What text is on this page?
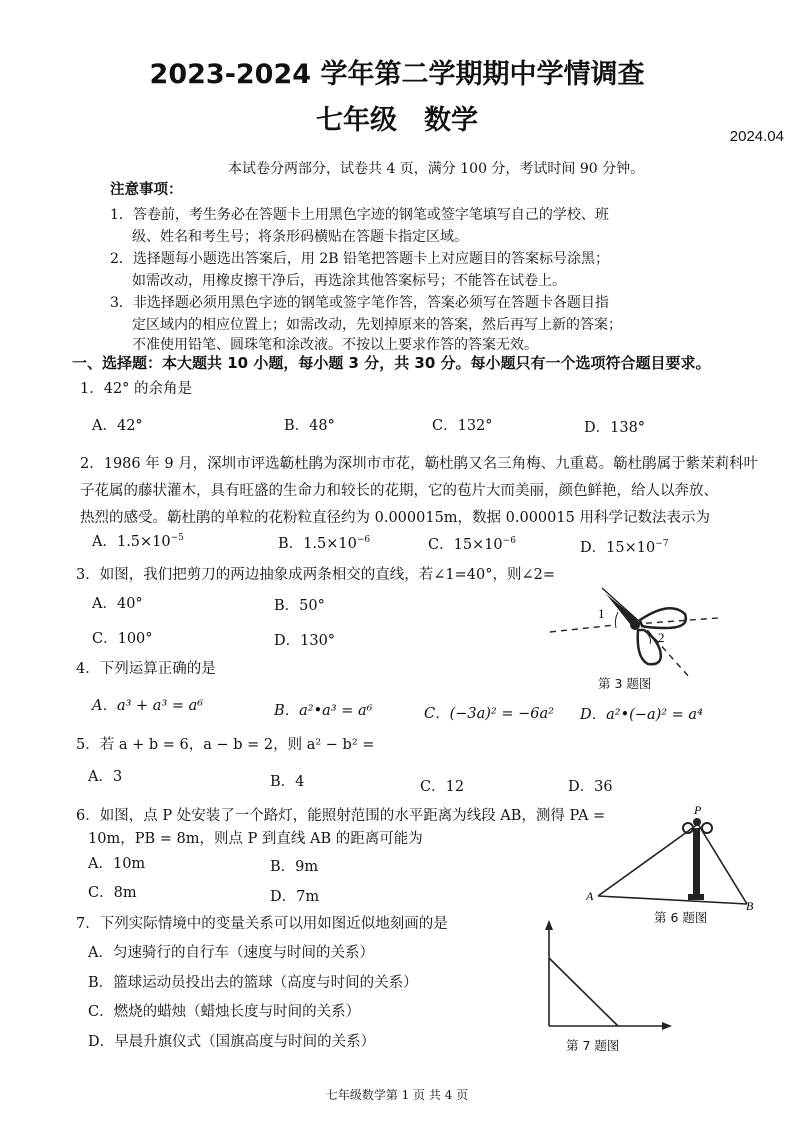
2023-2024 学年第二学期期中学情调查
七年级　数学
2024.04
本试卷分两部分，试卷共 4 页，满分 100 分，考试时间 90 分钟。
注意事项：
1．答卷前，考生务必在答题卡上用黑色字迹的钢笔或签字笔填写自己的学校、班
级、姓名和考生号；将条形码横贴在答题卡指定区域。
2．选择题每小题选出答案后，用 2B 铅笔把答题卡上对应题目的答案标号涂黑；
如需改动，用橡皮擦干净后，再选涂其他答案标号；不能答在试卷上。
3．非选择题必须用黑色字迹的钢笔或签字笔作答，答案必须写在答题卡各题目指
定区域内的相应位置上；如需改动，先划掉原来的答案，然后再写上新的答案；
不准使用铅笔、圆珠笔和涂改液。不按以上要求作答的答案无效。
一、选择题：本大题共 10 小题，每小题 3 分，共 30 分。每小题只有一个选项符合题目要求。
1．42° 的余角是
A．42°	B．48°	C．132°	D．138°
2．1986 年 9 月，深圳市评选簕杜鹃为深圳市市花，簕杜鹃又名三角梅、九重葛。簕杜鹃属于紫茉莉科叶
子花属的藤状灌木，具有旺盛的生命力和较长的花期，它的苞片大而美丽，颜色鲜艳，给人以奔放、
热烈的感受。簕杜鹃的单粒的花粉粒直径约为 0.000015m，数据 0.000015 用科学记数法表示为
A．$1.5\times 10^{-5}$	B．$1.5\times 10^{-6}$	C．$15\times 10^{-6}$	D．$15\times 10^{-7}$
3．如图，我们把剪刀的两边抽象成两条相交的直线，若∠1=40°，则∠2=
A．40°	B．50°
C．100°	D．130°
1
2
第 3 题图
4．下列运算正确的是
A．a³ + a³ = a⁶	B．a²•a³ = a⁶	C．(−3a)² = −6a² D．a²•(−a)² = a⁴
5．若 a + b = 6，a − b = 2，则 a² − b² =
A．3	B．4	C．12	D．36
6．如图，点 P 处安装了一个路灯，能照射范围的水平距离为线段 AB，测得 PA =
10m，PB = 8m，则点 P 到直线 AB 的距离可能为
A．10m	B．9m
C．8m	D．7m
P
A
B
第 6 题图
7．下列实际情境中的变量关系可以用如图近似地刻画的是
A．匀速骑行的自行车（速度与时间的关系）
B．篮球运动员投出去的篮球（高度与时间的关系）
C．燃烧的蜡烛（蜡烛长度与时间的关系）
D．早晨升旗仪式（国旗高度与时间的关系）	第 7 题图
七年级数学第 1 页 共 4 页
